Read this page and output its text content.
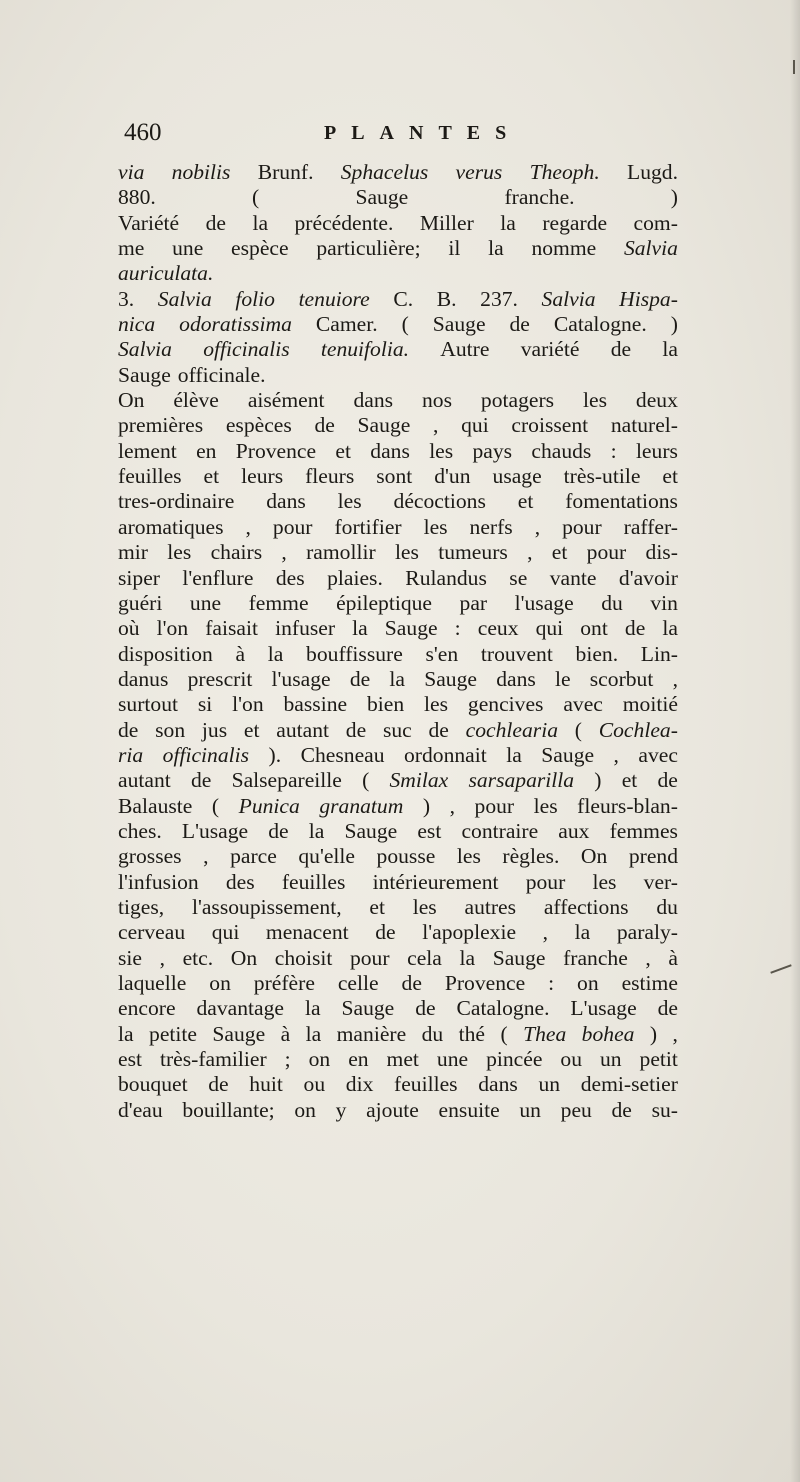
460	PLANTES
via nobilis Brunf. Sphacelus verus Theoph. Lugd.
880.	(	Sauge	franche.	)
Variété de la précédente. Miller la regarde com-
me une espèce particulière; il la nomme Salvia
auriculata.
3. Salvia folio tenuiore C. B. 237. Salvia Hispa-
nica odoratissima Camer. ( Sauge de Catalogne. )
Salvia officinalis tenuifolia. Autre variété de la
Sauge officinale.
On élève aisément dans nos potagers les deux
premières espèces de Sauge , qui croissent naturel-
lement en Provence et dans les pays chauds : leurs
feuilles et leurs fleurs sont d'un usage très-utile et
tres-ordinaire dans les décoctions et fomentations
aromatiques , pour fortifier les nerfs , pour raffer-
mir les chairs , ramollir les tumeurs , et pour dis-
siper l'enflure des plaies. Rulandus se vante d'avoir
guéri une femme épileptique par l'usage du vin
où l'on faisait infuser la Sauge : ceux qui ont de la
disposition à la bouffissure s'en trouvent bien. Lin-
danus prescrit l'usage de la Sauge dans le scorbut ,
surtout si l'on bassine bien les gencives avec moitié
de son jus et autant de suc de cochlearia ( Cochlea-
ria officinalis ). Chesneau ordonnait la Sauge , avec
autant de Salsepareille ( Smilax sarsaparilla ) et de
Balauste ( Punica granatum ) , pour les fleurs-blan-
ches. L'usage de la Sauge est contraire aux femmes
grosses , parce qu'elle pousse les règles. On prend
l'infusion des feuilles intérieurement pour les ver-
tiges, l'assoupissement, et les autres affections du
cerveau qui menacent de l'apoplexie , la paraly-
sie , etc. On choisit pour cela la Sauge franche , à
laquelle on préfère celle de Provence : on estime
encore davantage la Sauge de Catalogne. L'usage de
la petite Sauge à la manière du thé ( Thea bohea ) ,
est très-familier ; on en met une pincée ou un petit
bouquet de huit ou dix feuilles dans un demi-setier
d'eau bouillante; on y ajoute ensuite un peu de su-
